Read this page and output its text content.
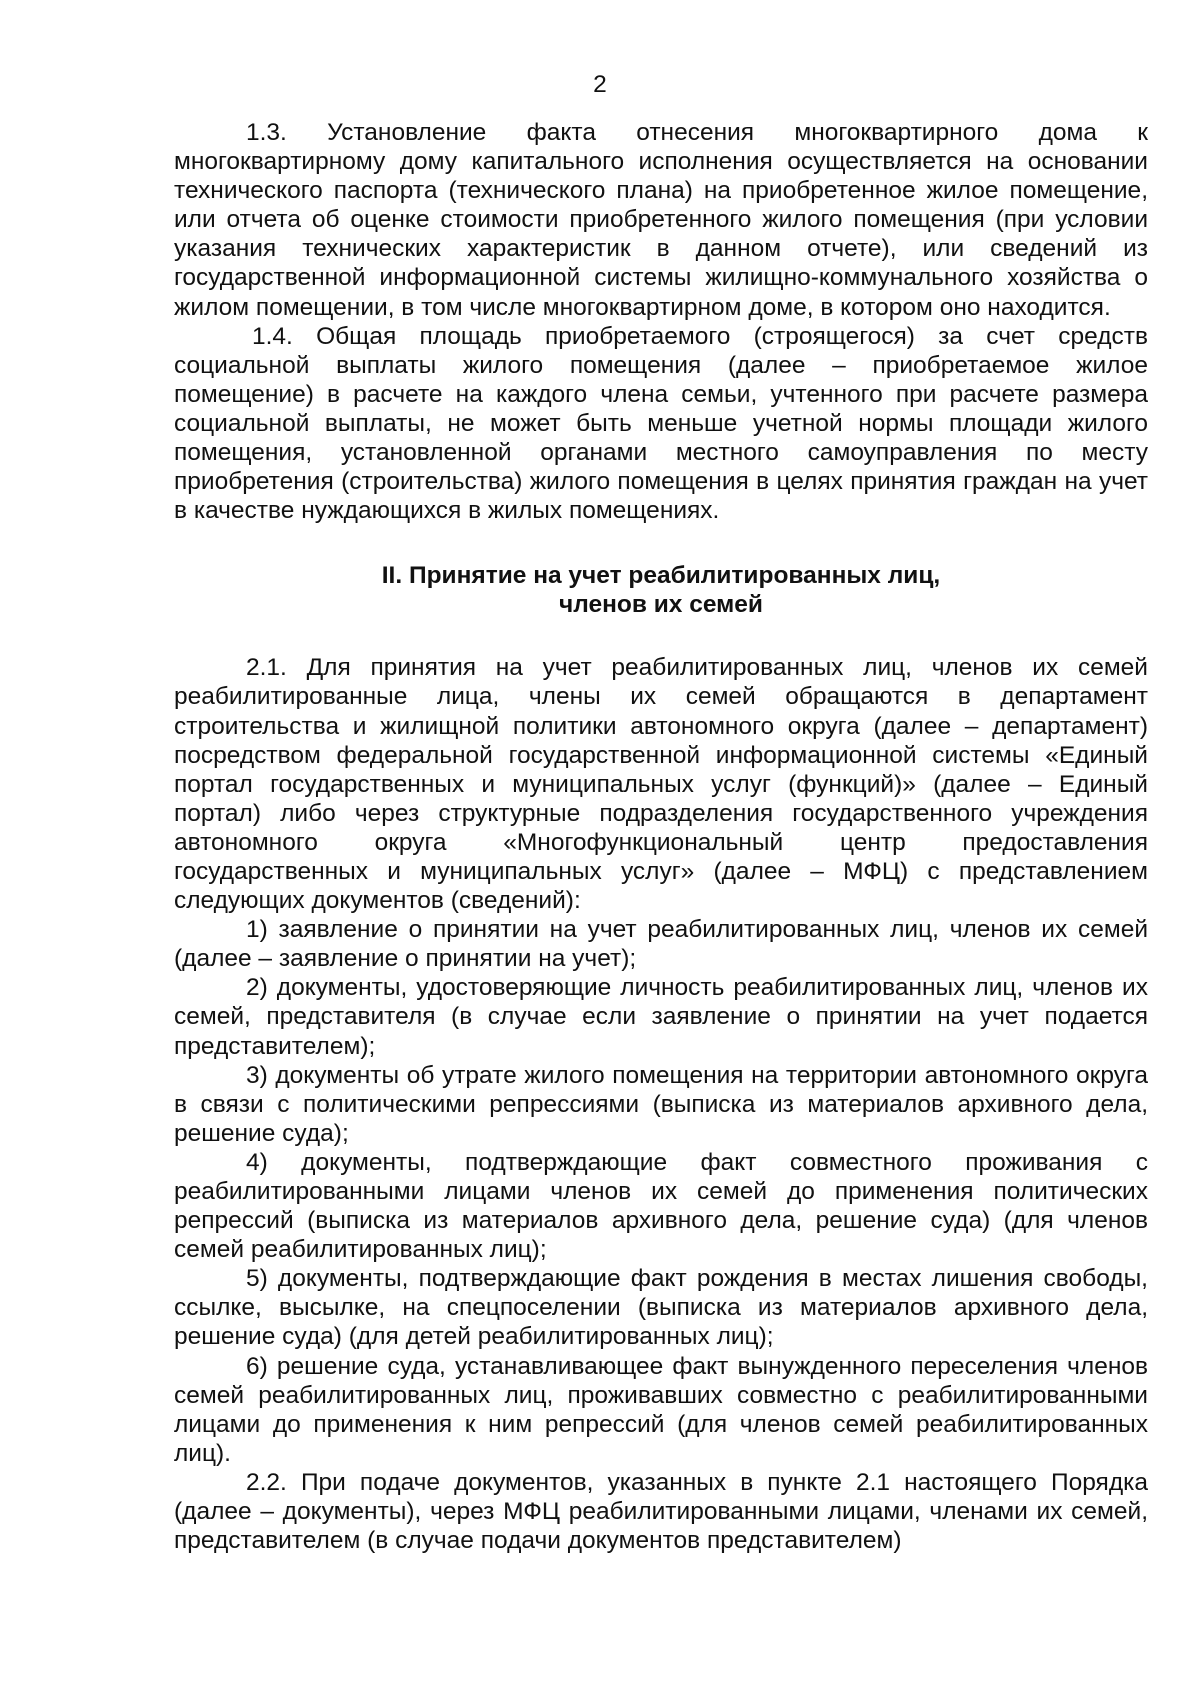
2

1.3. Установление факта отнесения многоквартирного дома к многоквартирному дому капитального исполнения осуществляется на основании технического паспорта (технического плана) на приобретенное жилое помещение, или отчета об оценке стоимости приобретенного жилого помещения (при условии указания технических характеристик в данном отчете), или сведений из государственной информационной системы жилищно-коммунального хозяйства о жилом помещении, в том числе многоквартирном доме, в котором оно находится.

1.4. Общая площадь приобретаемого (строящегося) за счет средств социальной выплаты жилого помещения (далее – приобретаемое жилое помещение) в расчете на каждого члена семьи, учтенного при расчете размера социальной выплаты, не может быть меньше учетной нормы площади жилого помещения, установленной органами местного самоуправления по месту приобретения (строительства) жилого помещения в целях принятия граждан на учет в качестве нуждающихся в жилых помещениях.

II. Принятие на учет реабилитированных лиц,
членов их семей

2.1. Для принятия на учет реабилитированных лиц, членов их семей реабилитированные лица, члены их семей обращаются в департамент строительства и жилищной политики автономного округа (далее – департамент) посредством федеральной государственной информационной системы «Единый портал государственных и муниципальных услуг (функций)» (далее – Единый портал) либо через структурные подразделения государственного учреждения автономного округа «Многофункциональный центр предоставления государственных и муниципальных услуг» (далее – МФЦ) с представлением следующих документов (сведений):

1) заявление о принятии на учет реабилитированных лиц, членов их семей (далее – заявление о принятии на учет);

2) документы, удостоверяющие личность реабилитированных лиц, членов их семей, представителя (в случае если заявление о принятии на учет подается представителем);

3) документы об утрате жилого помещения на территории автономного округа в связи с политическими репрессиями (выписка из материалов архивного дела, решение суда);

4) документы, подтверждающие факт совместного проживания с реабилитированными лицами членов их семей до применения политических репрессий (выписка из материалов архивного дела, решение суда) (для членов семей реабилитированных лиц);

5) документы, подтверждающие факт рождения в местах лишения свободы, ссылке, высылке, на спецпоселении (выписка из материалов архивного дела, решение суда) (для детей реабилитированных лиц);

6) решение суда, устанавливающее факт вынужденного переселения членов семей реабилитированных лиц, проживавших совместно с реабилитированными лицами до применения к ним репрессий (для членов семей реабилитированных лиц).

2.2. При подаче документов, указанных в пункте 2.1 настоящего Порядка (далее – документы), через МФЦ реабилитированными лицами, членами их семей, представителем (в случае подачи документов представителем)
